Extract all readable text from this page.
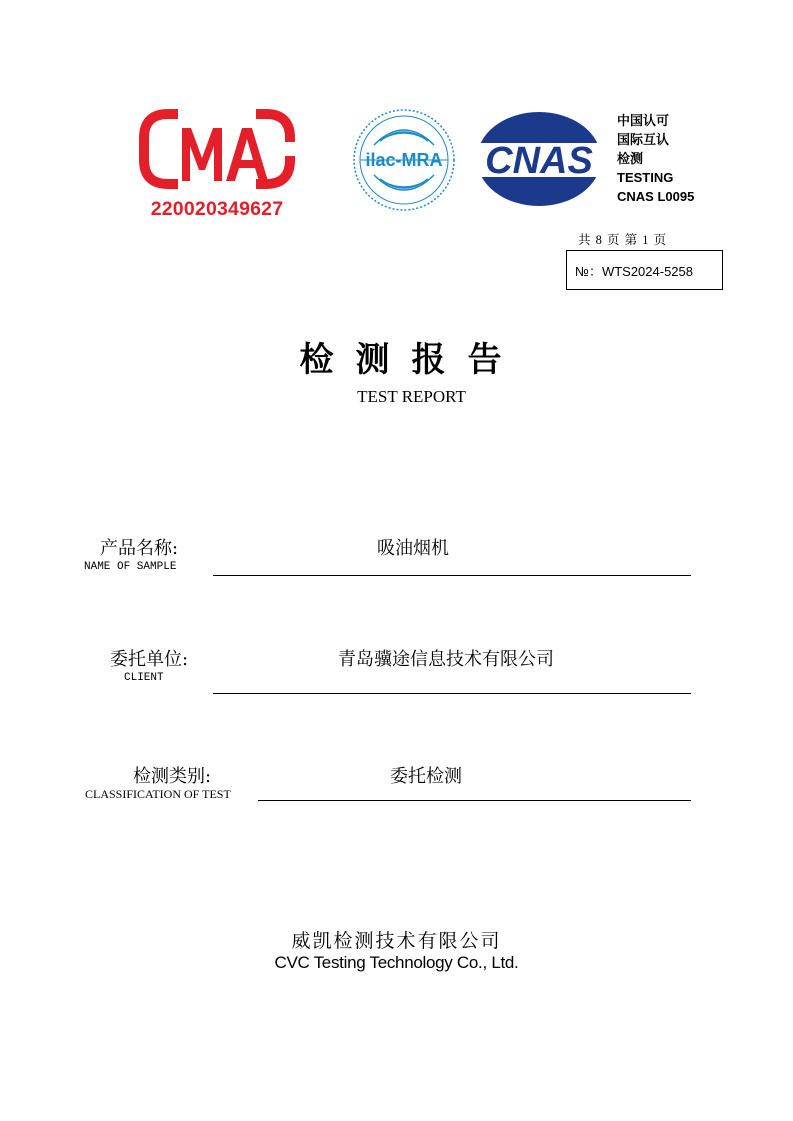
220020349627
ilac-MRA CNAS
中国认可
国际互认
检测
TESTING
CNAS L0095
共 8 页 第 1 页
№：WTS2024-5258
检测报告
TEST REPORT
产品名称:
NAME OF SAMPLE
吸油烟机
委托单位:
CLIENT
青岛骥途信息技术有限公司
检测类别:
CLASSIFICATION OF TEST
委托检测
威凯检测技术有限公司
CVC Testing Technology Co., Ltd.
